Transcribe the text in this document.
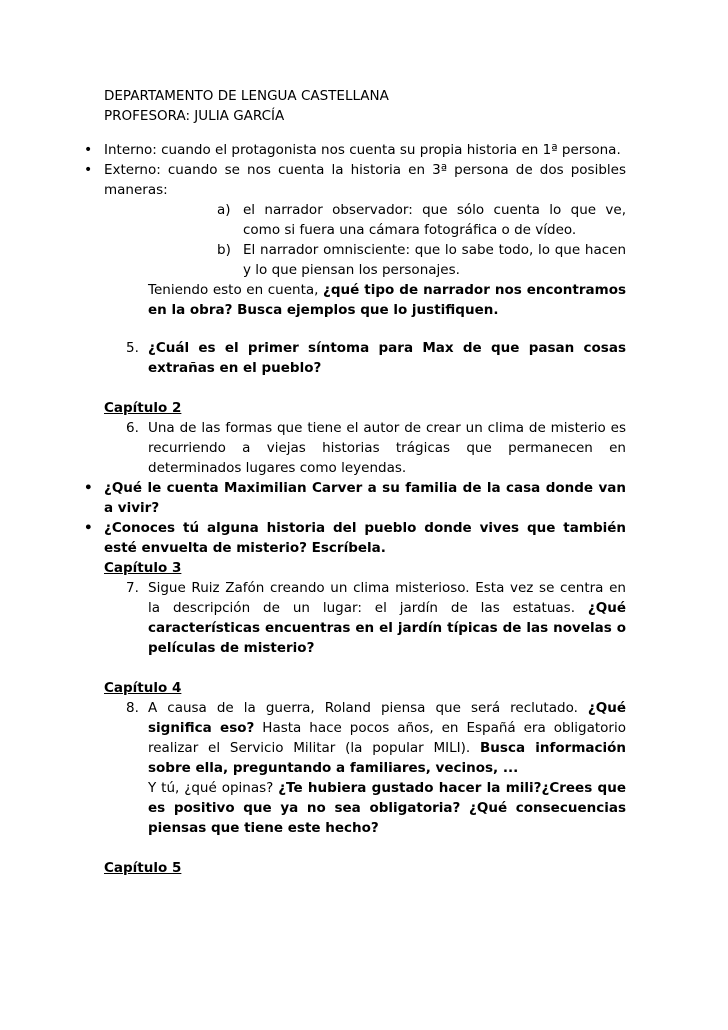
DEPARTAMENTO DE LENGUA CASTELLANA
PROFESORA: JULIA GARCÍA
• Interno: cuando el protagonista nos cuenta su propia historia en 1ª persona.
• Externo: cuando se nos cuenta la historia en 3ª persona de dos posibles maneras:
a) el narrador observador: que sólo cuenta lo que ve, como si fuera una cámara fotográfica o de vídeo.
b) El narrador omnisciente: que lo sabe todo, lo que hacen y lo que piensan los personajes.

Teniendo esto en cuenta, ¿qué tipo de narrador nos encontramos en la obra? Busca ejemplos que lo justifiquen.

5. ¿Cuál es el primer síntoma para Max de que pasan cosas extrañas en el pueblo?

Capítulo 2

6. Una de las formas que tiene el autor de crear un clima de misterio es recurriendo a viejas historias trágicas que permanecen en determinados lugares como leyendas.

• ¿Qué le cuenta Maximilian Carver a su familia de la casa donde van a vivir?
• ¿Conoces tú alguna historia del pueblo donde vives que también esté envuelta de misterio? Escríbela.
Capítulo 3

7. Sigue Ruiz Zafón creando un clima misterioso. Esta vez se centra en la descripción de un lugar: el jardín de las estatuas. ¿Qué características encuentras en el jardín típicas de las novelas o películas de misterio?

Capítulo 4

8. A causa de la guerra, Roland piensa que será reclutado. ¿Qué significa eso? Hasta hace pocos años, en Españá era obligatorio realizar el Servicio Militar (la popular MILI). Busca información sobre ella, preguntando a familiares, vecinos, ...

Y tú, ¿qué opinas? ¿Te hubiera gustado hacer la mili?¿Crees que es positivo que ya no sea obligatoria? ¿Qué consecuencias piensas que tiene este hecho?

Capítulo 5
